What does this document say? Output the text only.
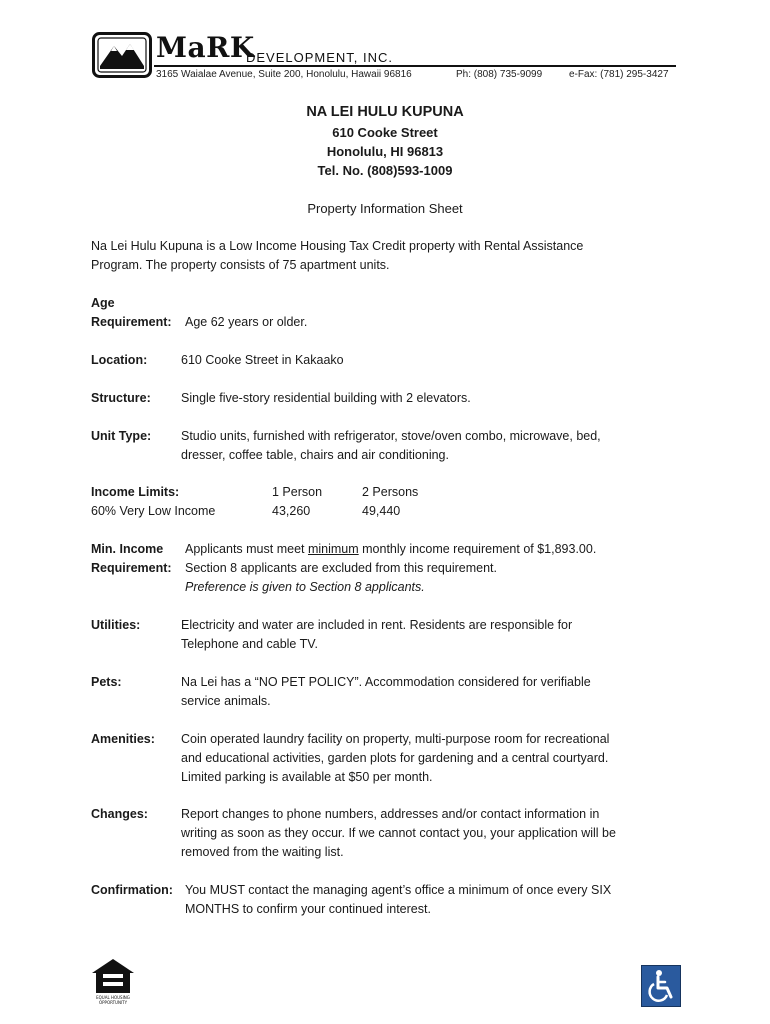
MaRK
DEVELOPMENT, INC.
3165 Waialae Avenue, Suite 200, Honolulu, Hawaii 96816	Ph: (808) 735-9099	e-Fax: (781) 295-3427
NA LEI HULU KUPUNA
610 Cooke Street
Honolulu, HI 96813
Tel. No. (808)593-1009
Property Information Sheet
Na Lei Hulu Kupuna is a Low Income Housing Tax Credit property with Rental Assistance
Program. The property consists of 75 apartment units.
Age
Requirement: Age 62 years or older.
Location:	610 Cooke Street in Kakaako
Structure: Single five-story residential building with 2 elevators.
Unit Type: Studio units, furnished with refrigerator, stove/oven combo, microwave, bed,
dresser, coffee table, chairs and air conditioning.
Income Limits:	1 Person	2 Persons
60% Very Low Income	43,260	49,440
Min. Income
Requirement:
Applicants must meet minimum monthly income requirement of $1,893.00.
Section 8 applicants are excluded from this requirement.
Preference is given to Section 8 applicants.
Utilities:	Electricity and water are included in rent. Residents are responsible for
Telephone and cable TV.
Pets:	Na Lei has a “NO PET POLICY”. Accommodation considered for verifiable
service animals.
Amenities: Coin operated laundry facility on property, multi-purpose room for recreational
and educational activities, garden plots for gardening and a central courtyard.
Limited parking is available at $50 per month.
Changes:	Report changes to phone numbers, addresses and/or contact information in
writing as soon as they occur. If we cannot contact you, your application will be
removed from the waiting list.
Confirmation: You MUST contact the managing agent’s office a minimum of once every SIX
MONTHS to confirm your continued interest.
EQUAL HOUSING
OPPORTUNITY
